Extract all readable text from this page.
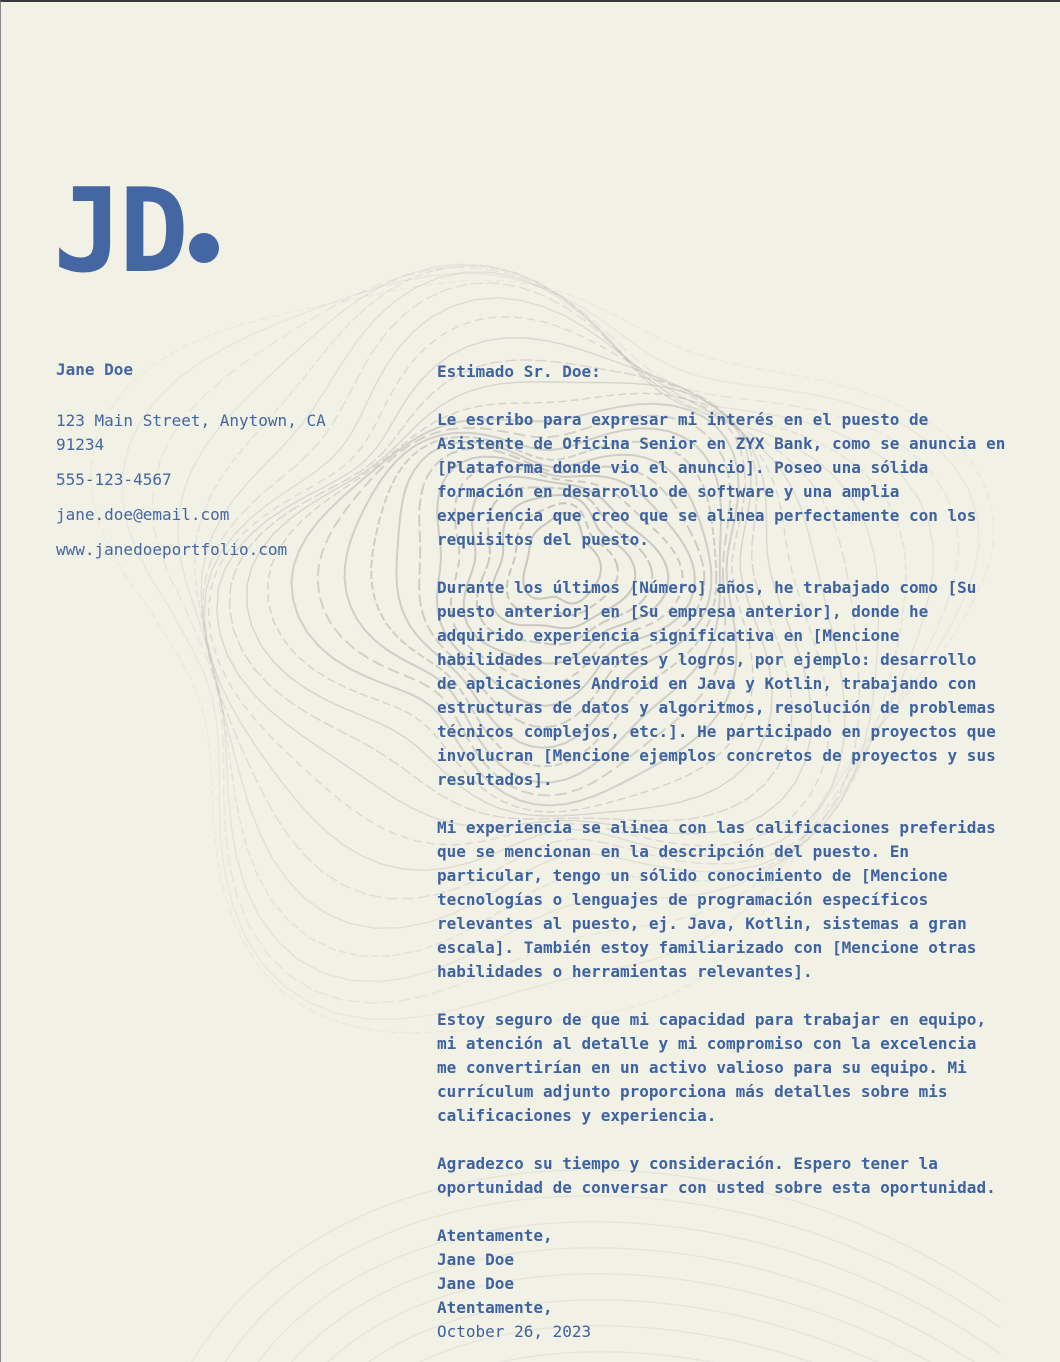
JD
Jane Doe
123 Main Street, Anytown, CA 91234
555-123-4567
jane.doe@email.com
www.janedoeportfolio.com

Estimado Sr. Doe:

Le escribo para expresar mi interés en el puesto de
Asistente de Oficina Senior en ZYX Bank, como se anuncia en
[Plataforma donde vio el anuncio]. Poseo una sólida
formación en desarrollo de software y una amplia
experiencia que creo que se alinea perfectamente con los
requisitos del puesto.

Durante los últimos [Número] años, he trabajado como [Su
puesto anterior] en [Su empresa anterior], donde he
adquirido experiencia significativa en [Mencione
habilidades relevantes y logros, por ejemplo: desarrollo
de aplicaciones Android en Java y Kotlin, trabajando con
estructuras de datos y algoritmos, resolución de problemas
técnicos complejos, etc.]. He participado en proyectos que
involucran [Mencione ejemplos concretos de proyectos y sus
resultados].

Mi experiencia se alinea con las calificaciones preferidas
que se mencionan en la descripción del puesto. En
particular, tengo un sólido conocimiento de [Mencione
tecnologías o lenguajes de programación específicos
relevantes al puesto, ej. Java, Kotlin, sistemas a gran
escala]. También estoy familiarizado con [Mencione otras
habilidades o herramientas relevantes].

Estoy seguro de que mi capacidad para trabajar en equipo,
mi atención al detalle y mi compromiso con la excelencia
me convertirían en un activo valioso para su equipo. Mi
currículum adjunto proporciona más detalles sobre mis
calificaciones y experiencia.

Agradezco su tiempo y consideración. Espero tener la
oportunidad de conversar con usted sobre esta oportunidad.

Atentamente,
Jane Doe
Jane Doe
Atentamente,
October 26, 2023
